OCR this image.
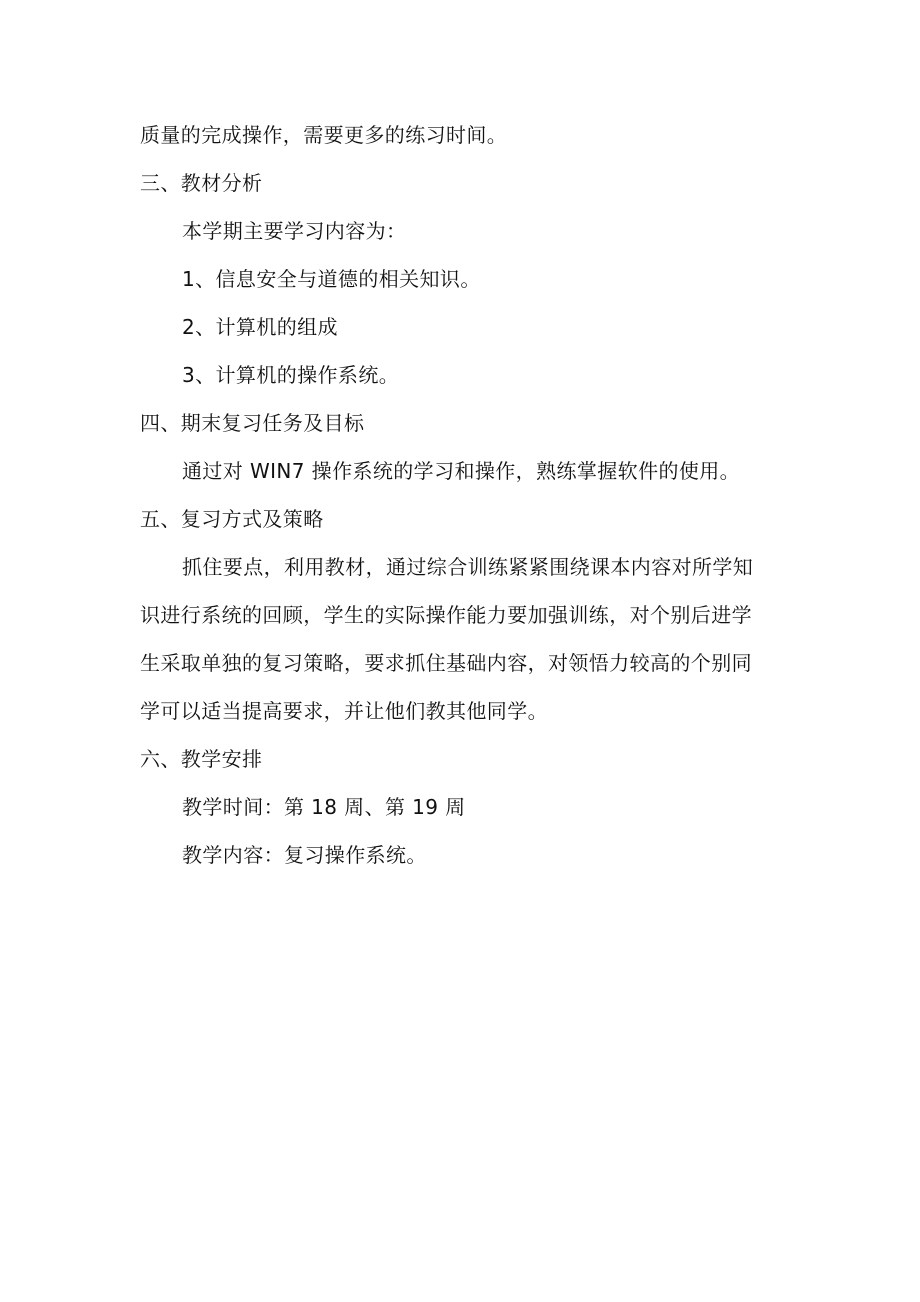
质量的完成操作，需要更多的练习时间。
三、教材分析
本学期主要学习内容为：
1、信息安全与道德的相关知识。
2、计算机的组成
3、计算机的操作系统。
四、期末复习任务及目标
通过对 WIN7 操作系统的学习和操作，熟练掌握软件的使用。
五、复习方式及策略
抓住要点，利用教材，通过综合训练紧紧围绕课本内容对所学知
识进行系统的回顾，学生的实际操作能力要加强训练，对个别后进学
生采取单独的复习策略，要求抓住基础内容，对领悟力较高的个别同
学可以适当提高要求，并让他们教其他同学。
六、教学安排
教学时间：第 18 周、第 19 周
教学内容：复习操作系统。
